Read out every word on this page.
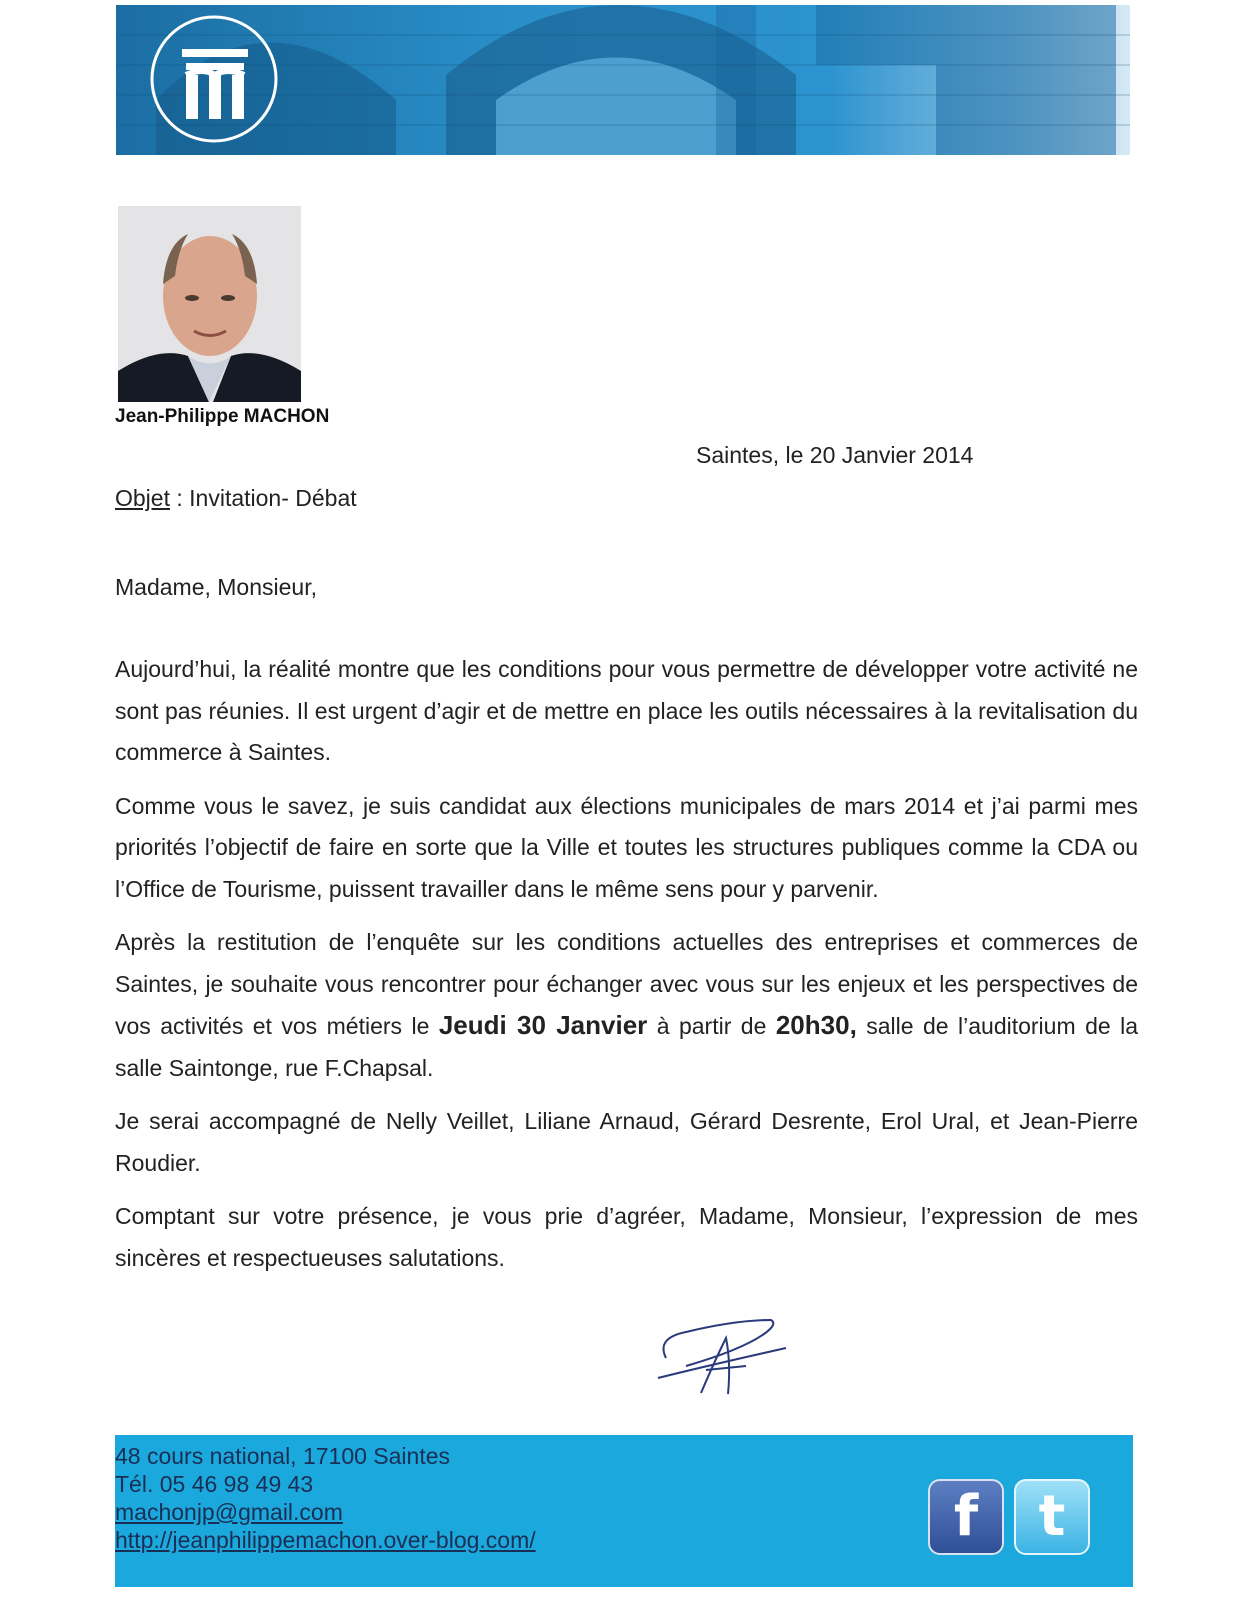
Jean-Philippe MACHON
Saintes, le 20 Janvier 2014
Objet : Invitation- Débat
Madame, Monsieur,

Aujourd’hui, la réalité montre que les conditions pour vous permettre de développer votre activité ne sont pas réunies. Il est urgent d’agir et de mettre en place les outils nécessaires à la revitalisation du commerce à Saintes.

Comme vous le savez, je suis candidat aux élections municipales de mars 2014 et j’ai parmi mes priorités l’objectif de faire en sorte que la Ville et toutes les structures publiques comme la CDA ou l’Office de Tourisme, puissent travailler dans le même sens pour y parvenir.

Après la restitution de l’enquête sur les conditions actuelles des entreprises et commerces de Saintes, je souhaite vous rencontrer pour échanger avec vous sur les enjeux et les perspectives de vos activités et vos métiers le Jeudi 30 Janvier à partir de 20h30, salle de l’auditorium de la salle Saintonge, rue F.Chapsal.

Je serai accompagné de Nelly Veillet, Liliane Arnaud, Gérard Desrente, Erol Ural, et Jean-Pierre Roudier.

Comptant sur votre présence, je vous prie d’agréer, Madame, Monsieur, l’expression de mes sincères et respectueuses salutations.

48 cours national, 17100 Saintes
Tél. 05 46 98 49 43
machonjp@gmail.com
http://jeanphilippemachon.over-blog.com/	f	t
